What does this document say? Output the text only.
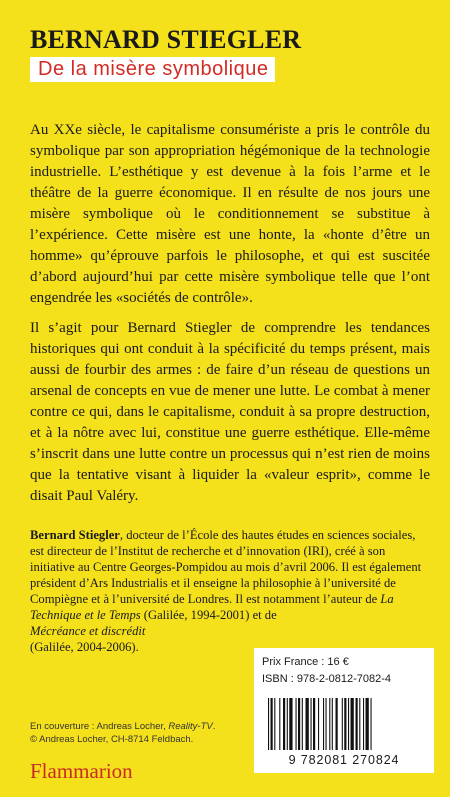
BERNARD STIEGLER
De la misère symbolique

Au XXe siècle, le capitalisme consumériste a pris le contrôle du symbolique par son appropriation hégémonique de la technologie industrielle. L’esthétique y est devenue à la fois l’arme et le théâtre de la guerre économique. Il en résulte de nos jours une misère symbolique où le conditionnement se substitue à l’expérience. Cette misère est une honte, la «honte d’être un homme» qu’éprouve parfois le philosophe, et qui est suscitée d’abord aujourd’hui par cette misère symbolique telle que l’ont engendrée les «sociétés de contrôle».

Il s’agit pour Bernard Stiegler de comprendre les tendances historiques qui ont conduit à la spécificité du temps présent, mais aussi de fourbir des armes : de faire d’un réseau de questions un arsenal de concepts en vue de mener une lutte. Le combat à mener contre ce qui, dans le capitalisme, conduit à sa propre destruction, et à la nôtre avec lui, constitue une guerre esthétique. Elle-même s’inscrit dans une lutte contre un processus qui n’est rien de moins que la tentative visant à liquider la «valeur esprit», comme le disait Paul Valéry.

Bernard Stiegler, docteur de l’École des hautes études en sciences sociales, est directeur de l’Institut de recherche et d’innovation (IRI), créé à son initiative au Centre Georges-Pompidou au mois d’avril 2006. Il est également président d’Ars Industrialis et il enseigne la philosophie à l’université de Compiègne et à l’université de Londres. Il est notamment l’auteur de La Technique et le Temps (Galilée, 1994-2001) et de
Mécréance et discrédit
(Galilée, 2004-2006).

Prix France : 16 €
ISBN : 978-2-0812-7082-4
9 782081 270824
En couverture : Andreas Locher, Reality-TV.
© Andreas Locher, CH-8714 Feldbach.
Flammarion
